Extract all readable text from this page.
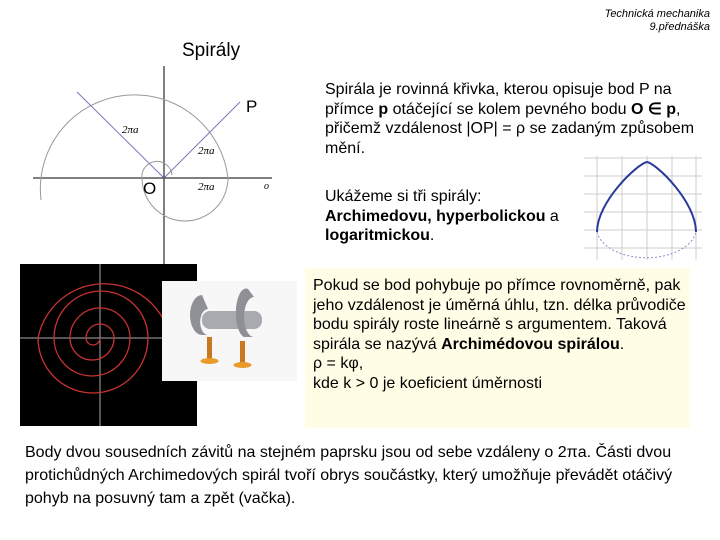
Technická mechanika
9.přednáška
Spirály
2πa
2πa
2πa	o
P
O
Spirála je rovinná křivka, kterou opisuje bod P na přímce p otáčející se kolem pevného bodu O ∈ p, přičemž vzdálenost |OP| = ρ se zadaným způsobem mění.
Ukážeme si tři spirály: Archimedovu, hyperbolickou a logaritmickou.
Pokud se bod pohybuje po přímce rovnoměrně, pak jeho vzdálenost je úměrná úhlu, tzn. délka průvodiče bodu spirály roste lineárně s argumentem. Taková spirála se nazývá Archimédovou spirálou.
ρ = kφ,
kde k > 0 je koeficient úměrnosti
Body dvou sousedních závitů na stejném paprsku jsou od sebe vzdáleny o 2πa. Části dvou protichůdných Archimedových spirál tvoří obrys součástky, který umožňuje převádět otáčivý pohyb na posuvný tam a zpět (vačka).
